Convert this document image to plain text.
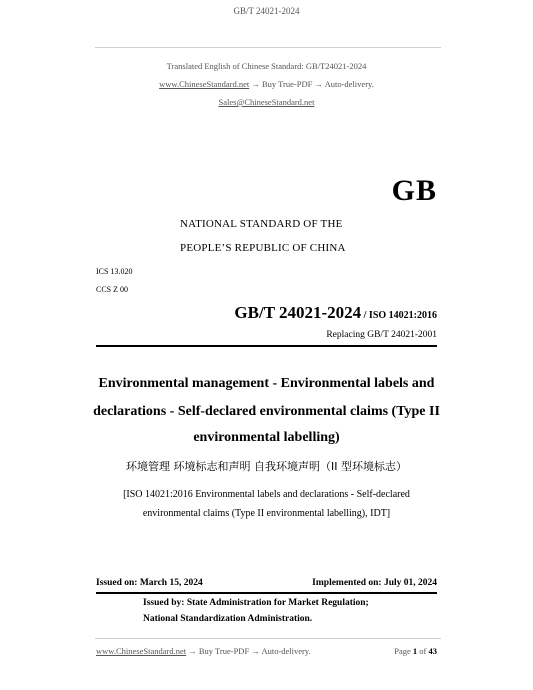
GB/T 24021-2024
Translated English of Chinese Standard: GB/T24021-2024
www.ChineseStandard.net → Buy True-PDF → Auto-delivery.
Sales@ChineseStandard.net
GB
NATIONAL STANDARD OF THE
PEOPLE’S REPUBLIC OF CHINA
ICS 13.020
CCS Z 00
GB/T 24021-2024 / ISO 14021:2016
Replacing GB/T 24021-2001
Environmental management - Environmental labels and
declarations - Self-declared environmental claims (Type II
environmental labelling)
环境管理 环境标志和声明 自我环境声明（II 型环境标志）
[ISO 14021:2016 Environmental labels and declarations - Self-declared
environmental claims (Type II environmental labelling), IDT]
Issued on: March 15, 2024	Implemented on: July 01, 2024
Issued by: State Administration for Market Regulation;
National Standardization Administration.
www.ChineseStandard.net → Buy True-PDF → Auto-delivery.	Page 1 of 43
